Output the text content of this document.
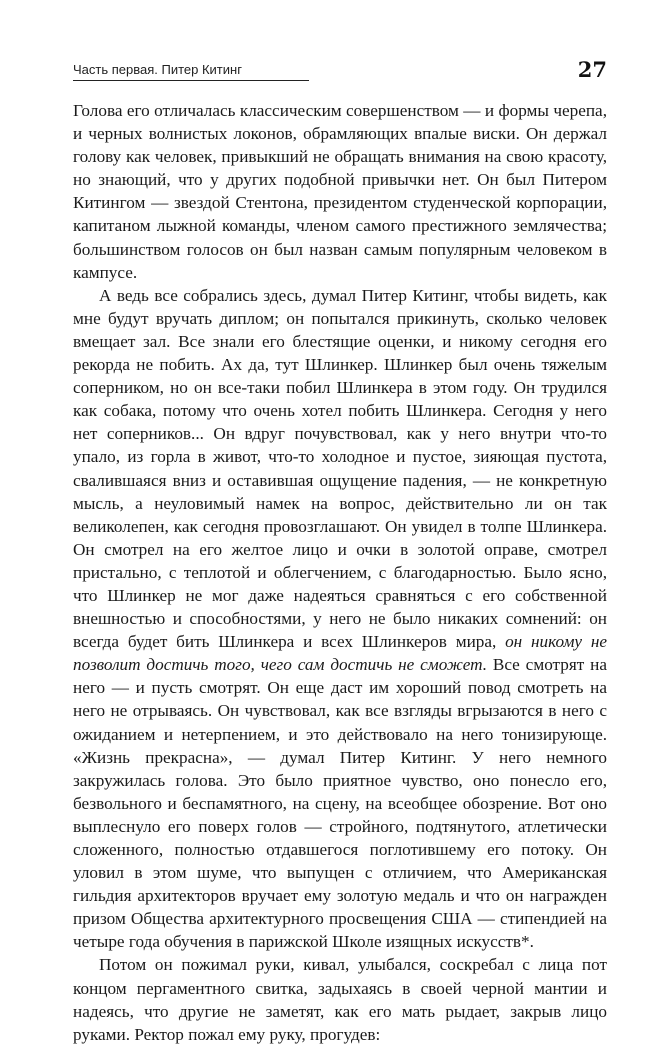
Часть первая. Питер Китинг	27

Голова его отличалась классическим совершенством — и формы черепа, и черных волнистых локонов, обрамляющих впалые виски. Он держал голову как человек, привыкший не обращать внимания на свою красоту, но знающий, что у других подобной привычки нет. Он был Питером Китингом — звездой Стентона, президентом студенческой корпорации, капитаном лыжной команды, членом самого престижного землячества; большинством голосов он был назван самым популярным человеком в кампусе.

А ведь все собрались здесь, думал Питер Китинг, чтобы видеть, как мне будут вручать диплом; он попытался прикинуть, сколько человек вмещает зал. Все знали его блестящие оценки, и никому сегодня его рекорда не побить. Ах да, тут Шлинкер. Шлинкер был очень тяжелым соперником, но он все-таки побил Шлинкера в этом году. Он трудился как собака, потому что очень хотел побить Шлинкера. Сегодня у него нет соперников... Он вдруг почувствовал, как у него внутри что-то упало, из горла в живот, что-то холодное и пустое, зияющая пустота, свалившаяся вниз и оставившая ощущение падения, — не конкретную мысль, а неуловимый намек на вопрос, действительно ли он так великолепен, как сегодня провозглашают. Он увидел в толпе Шлинкера. Он смотрел на его желтое лицо и очки в золотой оправе, смотрел пристально, с теплотой и облегчением, с благодарностью. Было ясно, что Шлинкер не мог даже надеяться сравняться с его собственной внешностью и способностями, у него не было никаких сомнений: он всегда будет бить Шлинкера и всех Шлинкеров мира, он никому не позволит достичь того, чего сам достичь не сможет. Все смотрят на него — и пусть смотрят. Он еще даст им хороший повод смотреть на него не отрываясь. Он чувствовал, как все взгляды вгрызаются в него с ожиданием и нетерпением, и это действовало на него тонизирующе. «Жизнь прекрасна», — думал Питер Китинг. У него немного закружилась голова. Это было приятное чувство, оно понесло его, безвольного и беспамятного, на сцену, на всеобщее обозрение. Вот оно выплеснуло его поверх голов — стройного, подтянутого, атлетически сложенного, полностью отдавшегося поглотившему его потоку. Он уловил в этом шуме, что выпущен с отличием, что Американская гильдия архитекторов вручает ему золотую медаль и что он награжден призом Общества архитектурного просвещения США — стипендией на четыре года обучения в парижской Школе изящных искусств*.

Потом он пожимал руки, кивал, улыбался, соскребал с лица пот концом пергаментного свитка, задыхаясь в своей черной мантии и надеясь, что другие не заметят, как его мать рыдает, закрыв лицо руками. Ректор пожал ему руку, прогудев:
